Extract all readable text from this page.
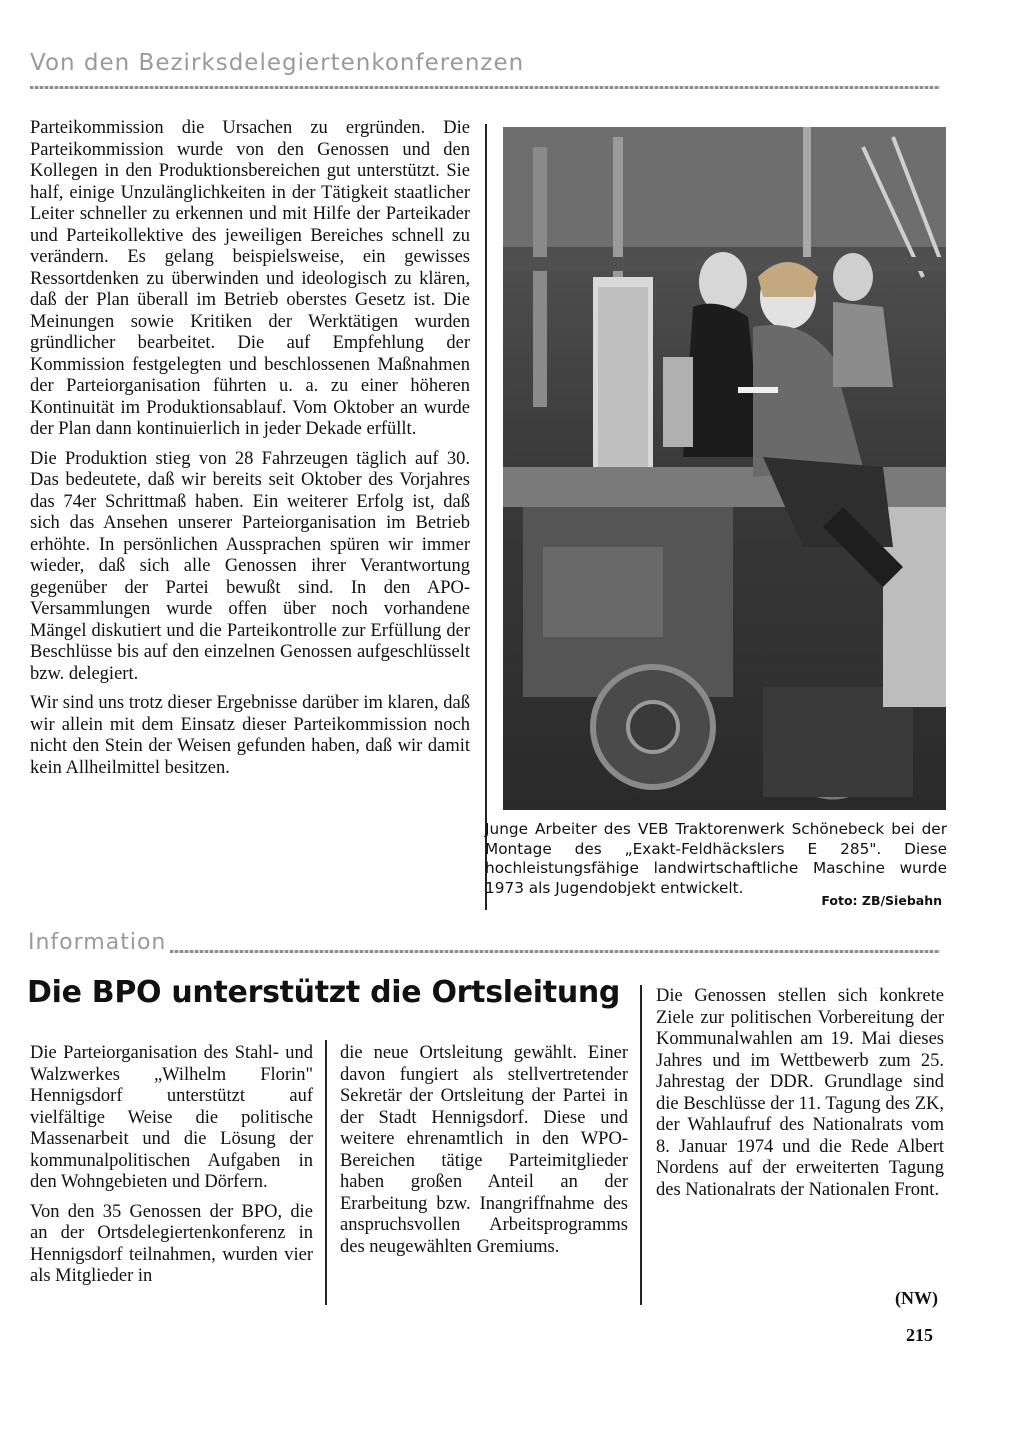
Von den Bezirksdelegiertenkonferenzen

Parteikommission die Ursachen zu ergründen. Die Parteikommission wurde von den Genossen und den Kollegen in den Produktionsbereichen gut unterstützt. Sie half, einige Unzulänglichkeiten in der Tätigkeit staatlicher Leiter schneller zu erkennen und mit Hilfe der Parteikader und Parteikollektive des jeweiligen Bereiches schnell zu verändern. Es gelang beispielsweise, ein gewisses Ressortdenken zu überwinden und ideologisch zu klären, daß der Plan überall im Betrieb oberstes Gesetz ist. Die Meinungen sowie Kritiken der Werktätigen wurden gründlicher bearbeitet. Die auf Empfehlung der Kommission festgelegten und beschlossenen Maßnahmen der Parteiorganisation führten u. a. zu einer höheren Kontinuität im Produktionsablauf. Vom Oktober an wurde der Plan dann kontinuierlich in jeder Dekade erfüllt.

Die Produktion stieg von 28 Fahrzeugen täglich auf 30. Das bedeutete, daß wir bereits seit Oktober des Vorjahres das 74er Schrittmaß haben. Ein weiterer Erfolg ist, daß sich das Ansehen unserer Parteiorganisation im Betrieb erhöhte. In persönlichen Aussprachen spüren wir immer wieder, daß sich alle Genossen ihrer Verantwortung gegenüber der Partei bewußt sind. In den APO-Versammlungen wurde offen über noch vorhandene Mängel diskutiert und die Parteikontrolle zur Erfüllung der Beschlüsse bis auf den einzelnen Genossen aufgeschlüsselt bzw. delegiert.

Wir sind uns trotz dieser Ergebnisse darüber im klaren, daß wir allein mit dem Einsatz dieser Parteikommission noch nicht den Stein der Weisen gefunden haben, daß wir damit kein Allheilmittel besitzen.

Junge Arbeiter des VEB Traktorenwerk Schönebeck bei der Montage des „Exakt-Feldhäckslers E 285". Diese hochleistungsfähige landwirtschaftliche Maschine wurde 1973 als Jugendobjekt entwickelt.
Foto: ZB/Siebahn
Information
Die BPO unterstützt die Ortsleitung

Die Parteiorganisation des Stahl- und Walzwerkes „Wilhelm Florin" Hennigsdorf unterstützt auf vielfältige Weise die politische Massenarbeit und die Lösung der kommunalpolitischen Aufgaben in den Wohngebieten und Dörfern.

Von den 35 Genossen der BPO, die an der Ortsdelegiertenkonferenz in Hennigsdorf teilnahmen, wurden vier als Mitglieder in

die neue Ortsleitung gewählt. Einer davon fungiert als stellvertretender Sekretär der Ortsleitung der Partei in der Stadt Hennigsdorf. Diese und weitere ehrenamtlich in den WPO-Bereichen tätige Parteimitglieder haben großen Anteil an der Erarbeitung bzw. Inangriffnahme des anspruchsvollen Arbeitsprogramms des neugewählten Gremiums.

Die Genossen stellen sich konkrete Ziele zur politischen Vorbereitung der Kommunalwahlen am 19. Mai dieses Jahres und im Wettbewerb zum 25. Jahrestag der DDR. Grundlage sind die Beschlüsse der 11. Tagung des ZK, der Wahlaufruf des Nationalrats vom 8. Januar 1974 und die Rede Albert Nordens auf der erweiterten Tagung des Nationalrats der Nationalen Front.

(NW)
215
